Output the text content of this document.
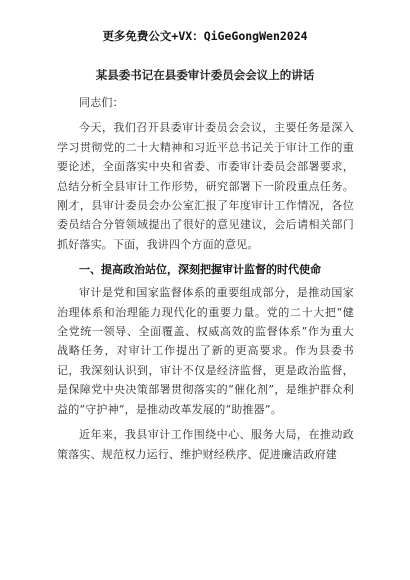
更多免费公文+VX：QiGeGongWen2024
某县委书记在县委审计委员会会议上的讲话

同志们：

今天，我们召开县委审计委员会会议，主要任务是深入学习贯彻党的二十大精神和习近平总书记关于审计工作的重要论述，全面落实中央和省委、市委审计委员会部署要求，总结分析全县审计工作形势，研究部署下一阶段重点任务。刚才，县审计委员会办公室汇报了年度审计工作情况，各位委员结合分管领域提出了很好的意见建议，会后请相关部门抓好落实。下面，我讲四个方面的意见。

一、提高政治站位，深刻把握审计监督的时代使命

审计是党和国家监督体系的重要组成部分，是推动国家治理体系和治理能力现代化的重要力量。党的二十大把“健全党统一领导、全面覆盖、权威高效的监督体系”作为重大战略任务，对审计工作提出了新的更高要求。作为县委书记，我深刻认识到，审计不仅是经济监督，更是政治监督，是保障党中央决策部署贯彻落实的“催化剂”，是维护群众利益的“守护神”，是推动改革发展的“助推器”。

近年来，我县审计工作围绕中心、服务大局，在推动政策落实、规范权力运行、维护财经秩序、促进廉洁政府建
